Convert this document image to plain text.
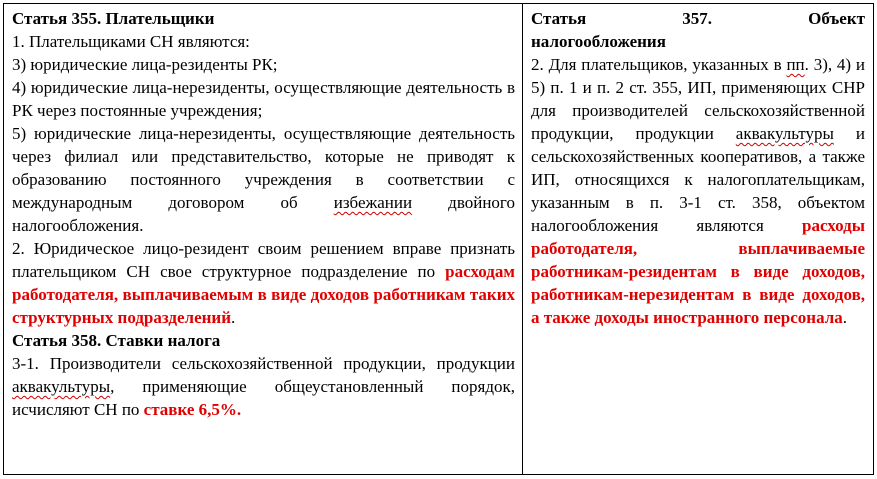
Статья 355. Плательщики

1. Плательщиками СН являются:

3) юридические лица-резиденты РК;

4) юридические лица-нерезиденты, осуществляющие деятельность в РК через постоянные учреждения;

5) юридические лица-нерезиденты, осуществляющие деятельность через филиал или представительство, которые не приводят к образованию постоянного учреждения в соответствии с международным договором об избежании двойного налогообложения.

2. Юридическое лицо-резидент своим решением вправе признать плательщиком СН свое структурное подразделение по расходам работодателя, выплачиваемым в виде доходов работникам таких структурных подразделений.

Статья 358. Ставки налога

3-1. Производители сельскохозяйственной продукции, продукции аквакультуры, применяющие общеустановленный порядок, исчисляют СН по ставке 6,5%.

Статья	357.	Объект

налогообложения

2. Для плательщиков, указанных в пп. 3), 4) и 5) п. 1 и п. 2 ст. 355, ИП, применяющих СНР для производителей сельскохозяйственной продукции, продукции аквакультуры и сельскохозяйственных кооперативов, а также ИП, относящихся к налогоплательщикам, указанным в п. 3-1 ст. 358, объектом налогообложения являются расходы работодателя, выплачиваемые работникам-резидентам в виде доходов, работникам-нерезидентам в виде доходов, а также доходы иностранного персонала.
